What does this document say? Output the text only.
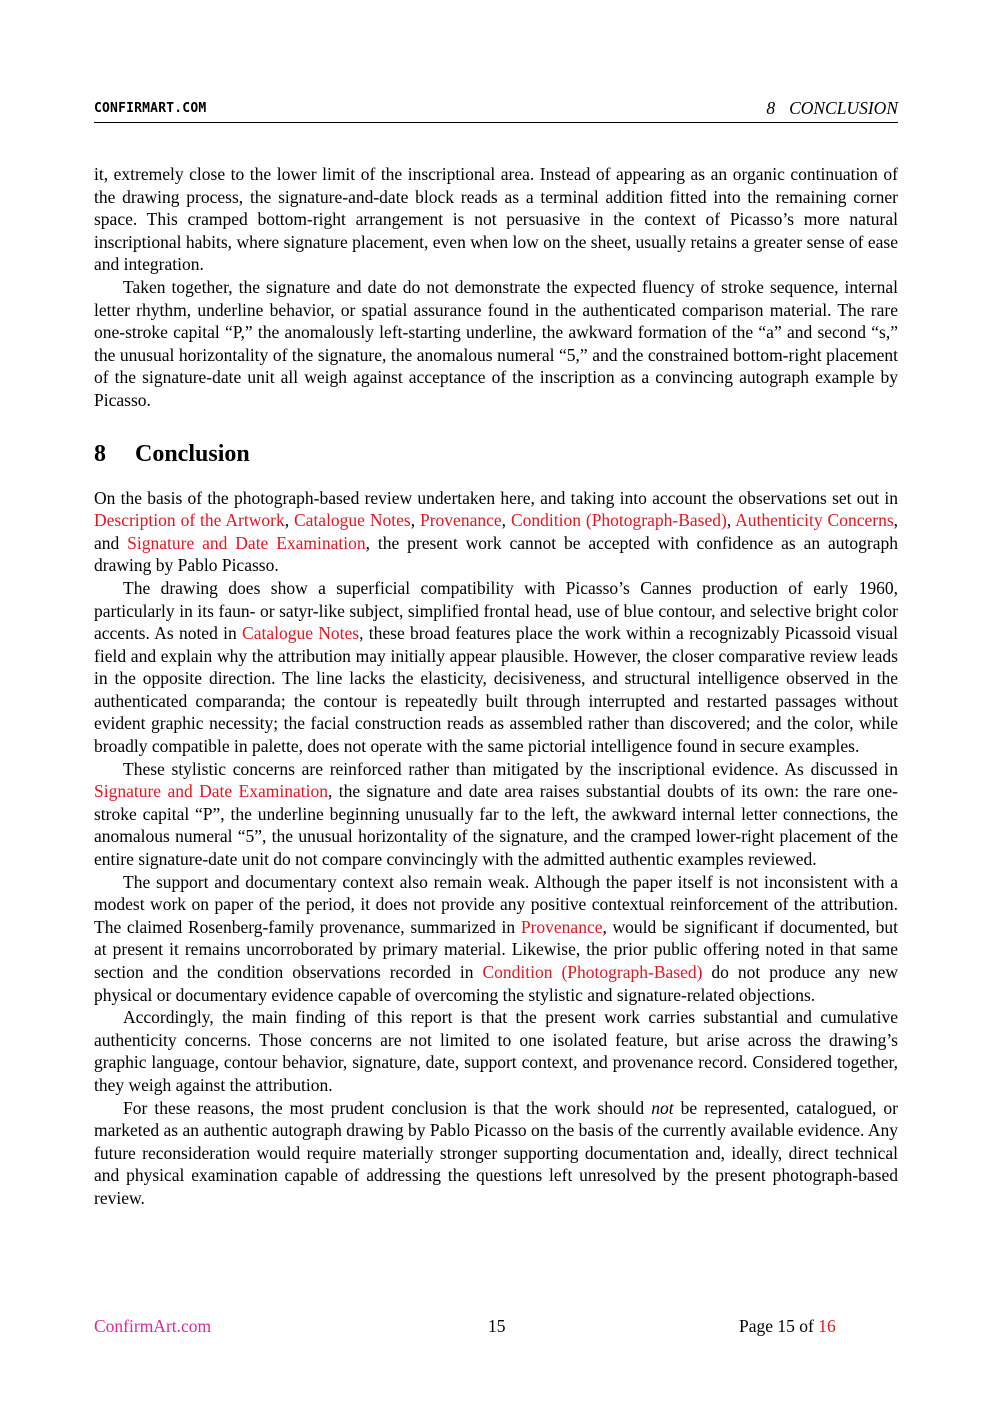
CONFIRMART.COM	8 CONCLUSION

it, extremely close to the lower limit of the inscriptional area. Instead of appearing as an organic continuation of the drawing process, the signature-and-date block reads as a terminal addition fitted into the remaining corner space. This cramped bottom-right arrangement is not persuasive in the context of Picasso’s more natural inscriptional habits, where signature placement, even when low on the sheet, usually retains a greater sense of ease and integration.

Taken together, the signature and date do not demonstrate the expected fluency of stroke sequence, internal letter rhythm, underline behavior, or spatial assurance found in the authenticated comparison material. The rare one-stroke capital “P,” the anomalously left-starting underline, the awkward formation of the “a” and second “s,” the unusual horizontality of the signature, the anomalous numeral “5,” and the constrained bottom-right placement of the signature-date unit all weigh against acceptance of the inscription as a convincing autograph example by Picasso.

8 Conclusion

On the basis of the photograph-based review undertaken here, and taking into account the observations set out in Description of the Artwork, Catalogue Notes, Provenance, Condition (Photograph-Based), Authenticity Concerns, and Signature and Date Examination, the present work cannot be accepted with confidence as an autograph drawing by Pablo Picasso.

The drawing does show a superficial compatibility with Picasso’s Cannes production of early 1960, particularly in its faun- or satyr-like subject, simplified frontal head, use of blue contour, and selective bright color accents. As noted in Catalogue Notes, these broad features place the work within a recognizably Picassoid visual field and explain why the attribution may initially appear plausible. However, the closer comparative review leads in the opposite direction. The line lacks the elasticity, decisiveness, and structural intelligence observed in the authenticated comparanda; the contour is repeatedly built through interrupted and restarted passages without evident graphic necessity; the facial construction reads as assembled rather than discovered; and the color, while broadly compatible in palette, does not operate with the same pictorial intelligence found in secure examples.

These stylistic concerns are reinforced rather than mitigated by the inscriptional evidence. As discussed in Signature and Date Examination, the signature and date area raises substantial doubts of its own: the rare one-stroke capital “P”, the underline beginning unusually far to the left, the awkward internal letter connections, the anomalous numeral “5”, the unusual horizontality of the signature, and the cramped lower-right placement of the entire signature-date unit do not compare convincingly with the admitted authentic examples reviewed.

The support and documentary context also remain weak. Although the paper itself is not inconsistent with a modest work on paper of the period, it does not provide any positive contextual reinforcement of the attribution. The claimed Rosenberg-family provenance, summarized in Provenance, would be significant if documented, but at present it remains uncorroborated by primary material. Likewise, the prior public offering noted in that same section and the condition observations recorded in Condition (Photograph-Based) do not produce any new physical or documentary evidence capable of overcoming the stylistic and signature-related objections.

Accordingly, the main finding of this report is that the present work carries substantial and cumulative authenticity concerns. Those concerns are not limited to one isolated feature, but arise across the drawing’s graphic language, contour behavior, signature, date, support context, and provenance record. Considered together, they weigh against the attribution.

For these reasons, the most prudent conclusion is that the work should not be represented, catalogued, or marketed as an authentic autograph drawing by Pablo Picasso on the basis of the currently available evidence. Any future reconsideration would require materially stronger supporting documentation and, ideally, direct technical and physical examination capable of addressing the questions left unresolved by the present photograph-based review.

ConfirmArt.com	15	Page 15 of 16
